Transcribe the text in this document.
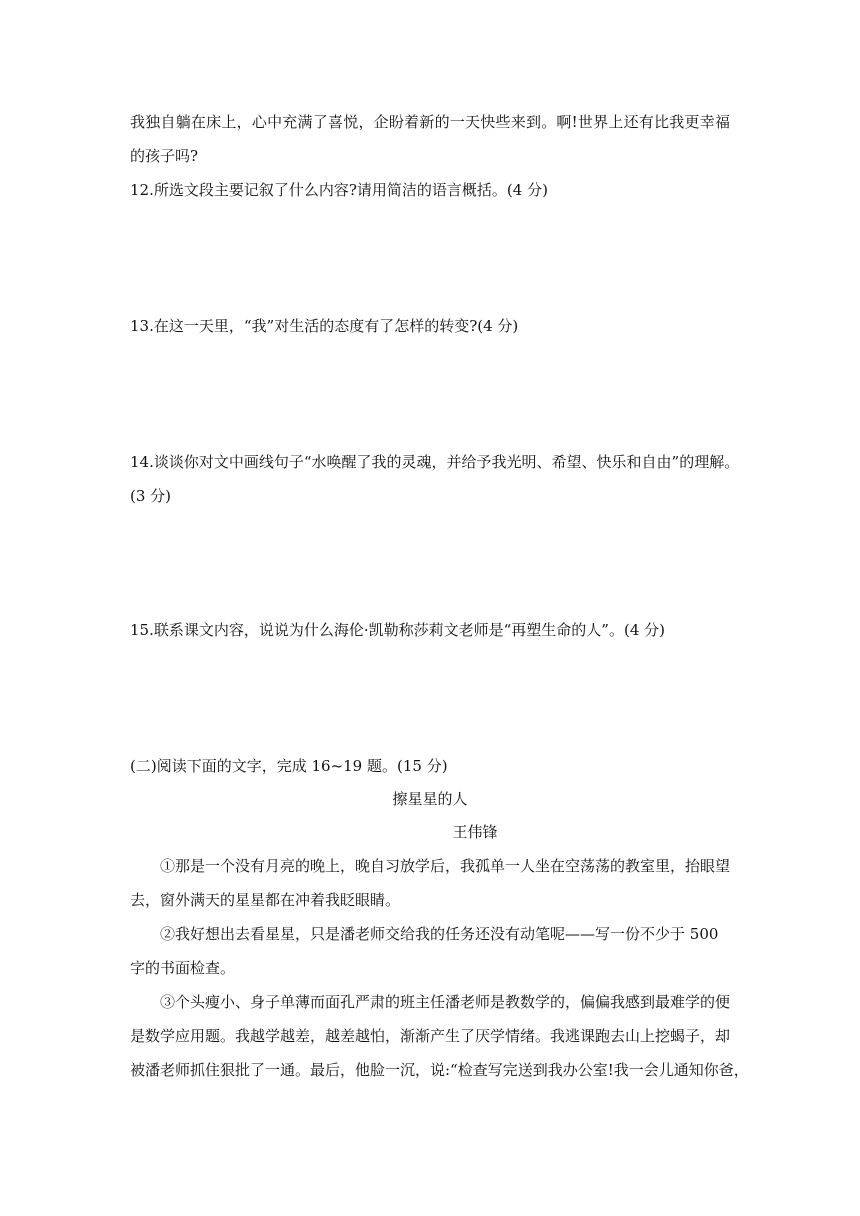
我独自躺在床上，心中充满了喜悦，企盼着新的一天快些来到。啊!世界上还有比我更幸福
的孩子吗?
12.所选文段主要记叙了什么内容?请用简洁的语言概括。(4 分)
13.在这一天里，“我”对生活的态度有了怎样的转变?(4 分)
14.谈谈你对文中画线句子“水唤醒了我的灵魂，并给予我光明、希望、快乐和自由”的理解。
(3 分)
15.联系课文内容，说说为什么海伦·凯勒称莎莉文老师是“再塑生命的人”。(4 分)
(二)阅读下面的文字，完成 16~19 题。(15 分)
擦星星的人
王伟锋
①那是一个没有月亮的晚上，晚自习放学后，我孤单一人坐在空荡荡的教室里，抬眼望
去，窗外满天的星星都在冲着我眨眼睛。
②我好想出去看星星，只是潘老师交给我的任务还没有动笔呢——写一份不少于 500
字的书面检查。
③个头瘦小、身子单薄而面孔严肃的班主任潘老师是教数学的，偏偏我感到最难学的便
是数学应用题。我越学越差，越差越怕，渐渐产生了厌学情绪。我逃课跑去山上挖蝎子，却
被潘老师抓住狠批了一通。最后，他脸一沉，说:“检查写完送到我办公室!我一会儿通知你爸，
